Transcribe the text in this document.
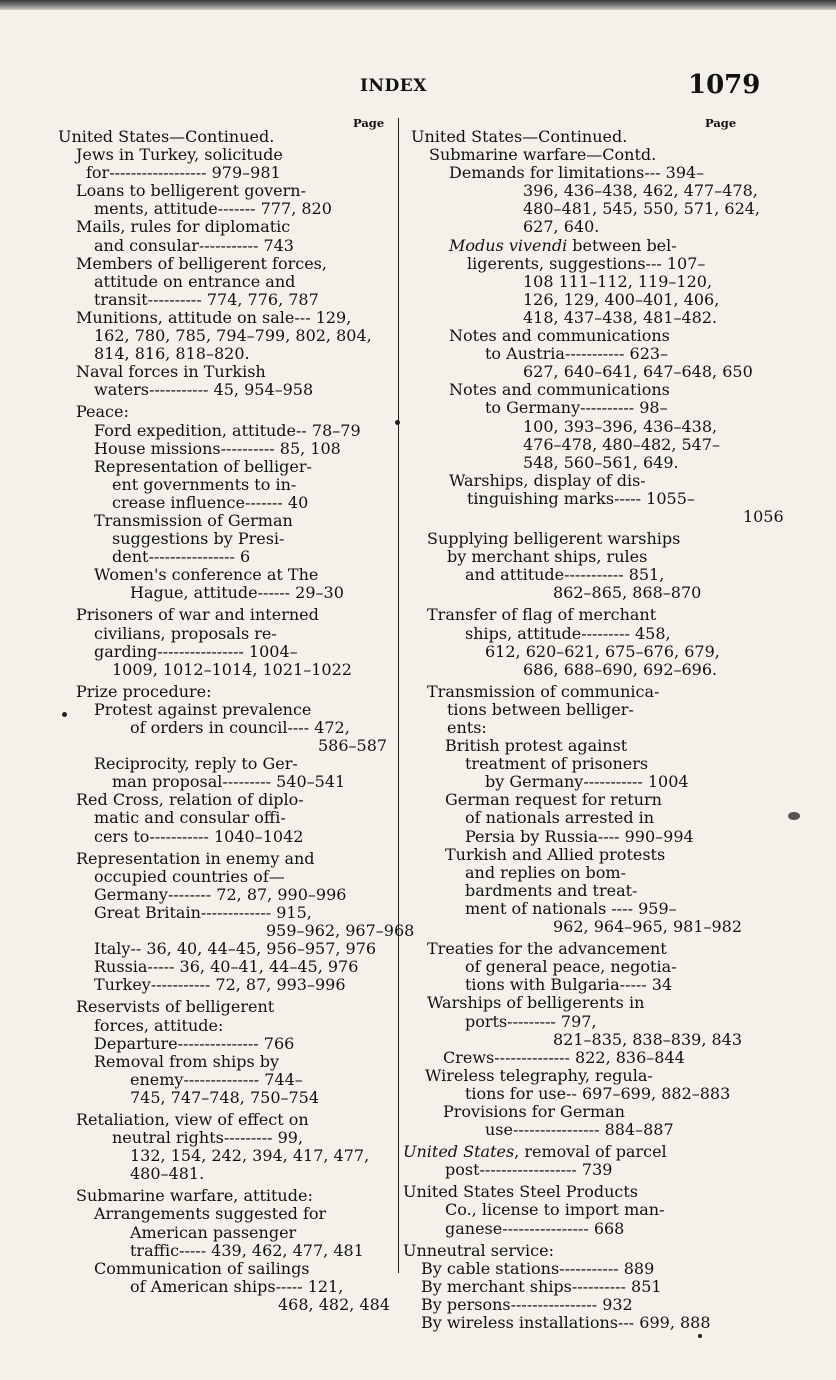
INDEX	1079
Page	Page
United States—Continued.
Jews in Turkey, solicitude
for------------------ 979–981
Loans to belligerent govern-
ments, attitude------- 777, 820
Mails, rules for diplomatic
and consular----------- 743
Members of belligerent forces,
attitude on entrance and
transit---------- 774, 776, 787
Munitions, attitude on sale--- 129,
162, 780, 785, 794–799, 802, 804,
814, 816, 818–820.
Naval forces in Turkish
waters----------- 45, 954–958
Peace:
Ford expedition, attitude-- 78–79
House missions---------- 85, 108
Representation of belliger-
ent governments to in-
crease influence------- 40
Transmission of German
suggestions by Presi-
dent---------------- 6
Women's conference at The
Hague, attitude------ 29–30
Prisoners of war and interned
civilians, proposals re-
garding---------------- 1004–
1009, 1012–1014, 1021–1022
Prize procedure:
Protest against prevalence
of orders in council---- 472,
586–587
Reciprocity, reply to Ger-
man proposal--------- 540–541
Red Cross, relation of diplo-
matic and consular offi-
cers to----------- 1040–1042
Representation in enemy and
occupied countries of—
Germany-------- 72, 87, 990–996
Great Britain------------- 915,
959–962, 967–968
Italy-- 36, 40, 44–45, 956–957, 976
Russia----- 36, 40–41, 44–45, 976
Turkey----------- 72, 87, 993–996
Reservists of belligerent
forces, attitude:
Departure--------------- 766
Removal from ships by
enemy-------------- 744–
745, 747–748, 750–754
Retaliation, view of effect on
neutral rights--------- 99,
132, 154, 242, 394, 417, 477,
480–481.
Submarine warfare, attitude:
Arrangements suggested for
American passenger
traffic----- 439, 462, 477, 481
Communication of sailings
of American ships----- 121,
468, 482, 484
United States—Continued.
Submarine warfare—Contd.
Demands for limitations--- 394–
396, 436–438, 462, 477–478,
480–481, 545, 550, 571, 624,
627, 640.
Modus vivendi between bel-
ligerents, suggestions--- 107–
108 111–112, 119–120,
126, 129, 400–401, 406,
418, 437–438, 481–482.
Notes and communications
to Austria----------- 623–
627, 640–641, 647–648, 650
Notes and communications
to Germany---------- 98–
100, 393–396, 436–438,
476–478, 480–482, 547–
548, 560–561, 649.
Warships, display of dis-
tinguishing marks----- 1055–
1056
Supplying belligerent warships
by merchant ships, rules
and attitude----------- 851,
862–865, 868–870
Transfer of flag of merchant
ships, attitude--------- 458,
612, 620–621, 675–676, 679,
686, 688–690, 692–696.
Transmission of communica-
tions between belliger-
ents:
British protest against
treatment of prisoners
by Germany----------- 1004
German request for return
of nationals arrested in
Persia by Russia---- 990–994
Turkish and Allied protests
and replies on bom-
bardments and treat-
ment of nationals ---- 959–
962, 964–965, 981–982
Treaties for the advancement
of general peace, negotia-
tions with Bulgaria----- 34
Warships of belligerents in
ports--------- 797,
821–835, 838–839, 843
Crews-------------- 822, 836–844
Wireless telegraphy, regula-
tions for use-- 697–699, 882–883
Provisions for German
use---------------- 884–887
United States, removal of parcel
post------------------ 739
United States Steel Products
Co., license to import man-
ganese---------------- 668
Unneutral service:
By cable stations----------- 889
By merchant ships---------- 851
By persons---------------- 932
By wireless installations--- 699, 888
